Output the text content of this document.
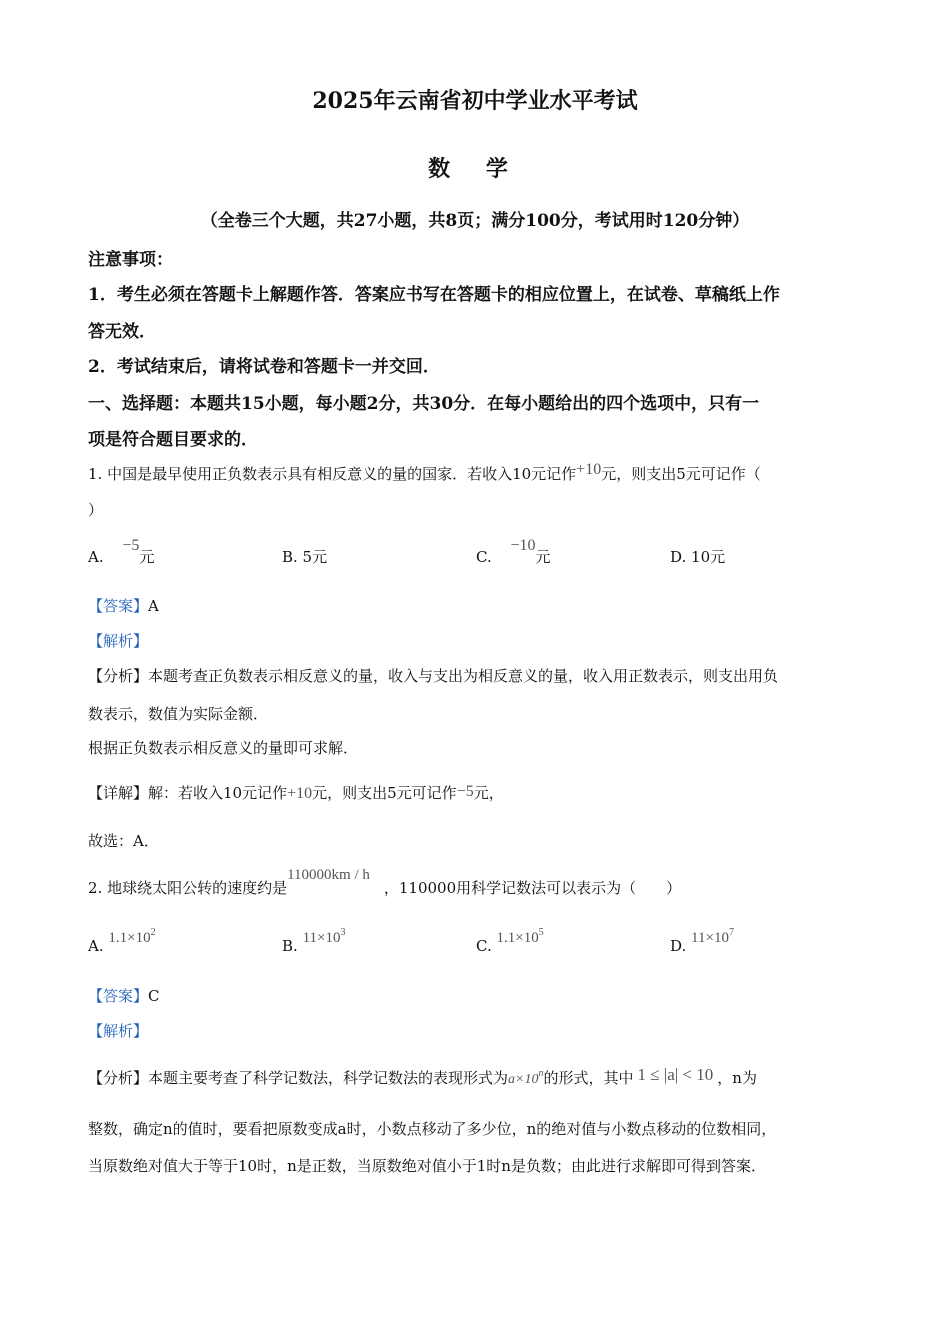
2025年云南省初中学业水平考试
数 学
（全卷三个大题，共27小题，共8页；满分100分，考试用时120分钟）
注意事项：
1．考生必须在答题卡上解题作答．答案应书写在答题卡的相应位置上，在试卷、草稿纸上作
答无效．
2．考试结束后，请将试卷和答题卡一并交回．
一、选择题：本题共15小题，每小题2分，共30分．在每小题给出的四个选项中，只有一
项是符合题目要求的．
1. 中国是最早使用正负数表示具有相反意义的量的国家．若收入10元记作+10元，则支出5元可记作（
）
A. −5元	B. 5元	C. −10元	D. 10元
【答案】A
【解析】
【分析】本题考查正负数表示相反意义的量，收入与支出为相反意义的量，收入用正数表示，则支出用负
数表示，数值为实际金额．
根据正负数表示相反意义的量即可求解．
【详解】解：若收入10元记作+10元，则支出5元可记作−5元，
故选：A．
2. 地球绕太阳公转的速度约是110000km / h，110000用科学记数法可以表示为（　　）
A. $1.1\times 10^2$
B. $11\times 10^3$
C. $1.1\times 10^5$
D. $11\times 10^7$
【答案】C
【解析】
【分析】本题主要考查了科学记数法，科学记数法的表现形式为$a\times 10^n$的形式，其中 1 ≤ |a| < 10 ，n为
整数，确定n的值时，要看把原数变成a时，小数点移动了多少位，n的绝对值与小数点移动的位数相同，
当原数绝对值大于等于10时，n是正数，当原数绝对值小于1时n是负数；由此进行求解即可得到答案．
